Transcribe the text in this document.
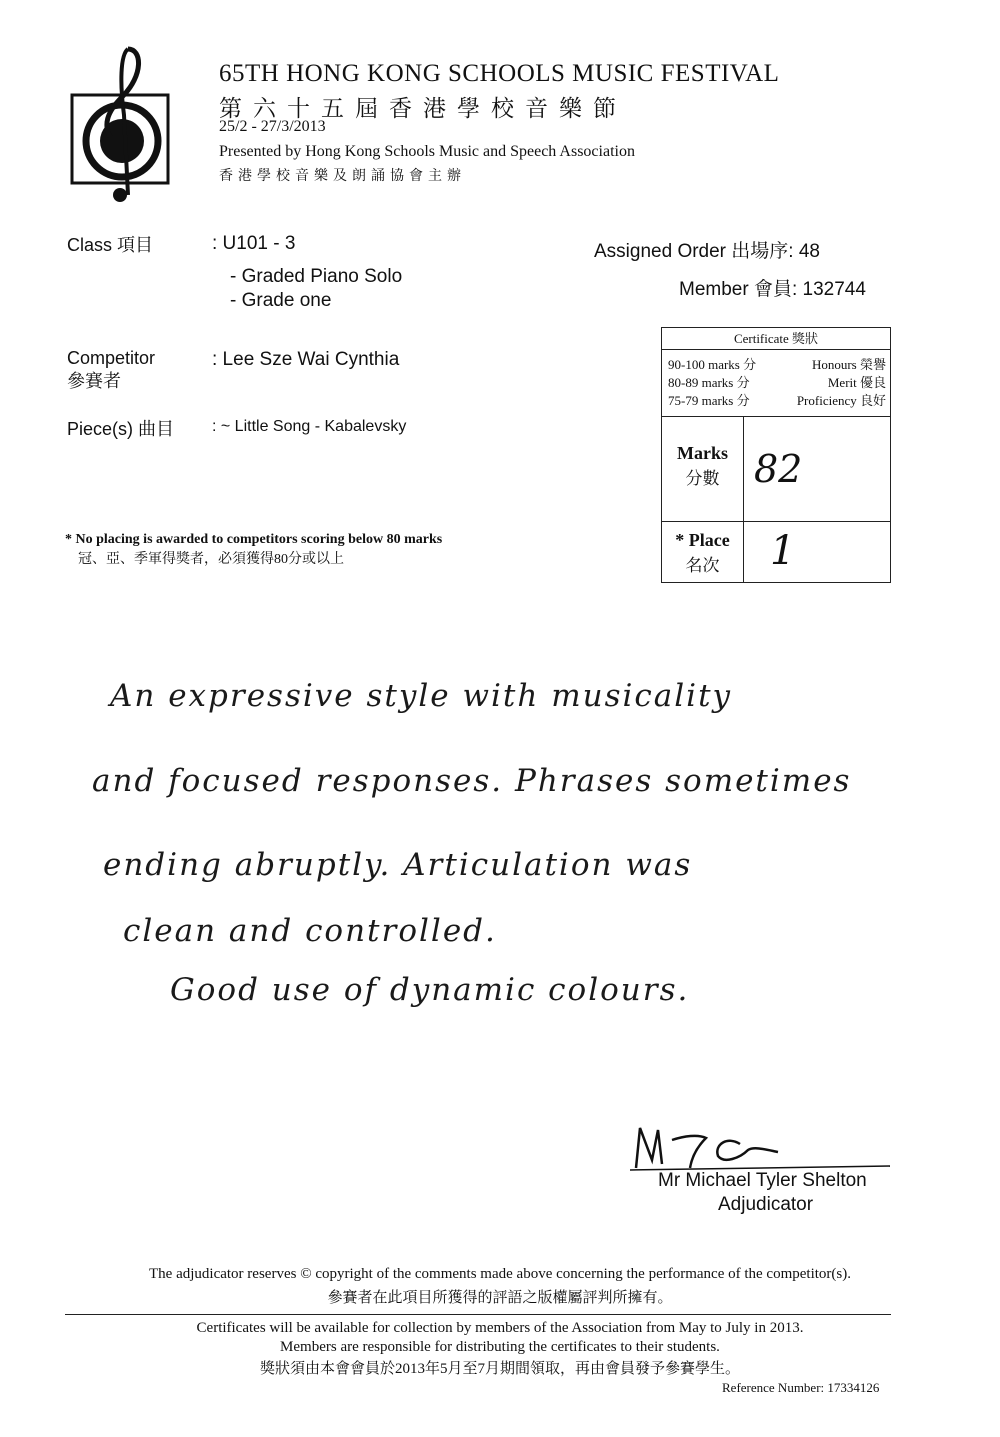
65TH HONG KONG SCHOOLS MUSIC FESTIVAL
第六十五屆香港學校音樂節
25/2 - 27/3/2013
Presented by Hong Kong Schools Music and Speech Association
香港學校音樂及朗誦協會主辦
Class 項目	: U101 - 3
- Graded Piano Solo
- Grade one
Competitor
參賽者
: Lee Sze Wai Cynthia
Piece(s) 曲目 : ~ Little Song - Kabalevsky
Assigned Order 出場序: 48
Member 會員: 132744
* No placing is awarded to competitors scoring below 80 marks
冠、亞、季軍得獎者，必須獲得80分或以上
Certificate 獎狀
90-100 marks 分	Honours 榮譽
80-89 marks 分	Merit 優良
75-79 marks 分	Proficiency 良好
Marks
分數 82
* Place
名次	1
An expressive style with musicality
and focused responses. Phrases sometimes
ending abruptly. Articulation was
clean and controlled.
Good use of dynamic colours.
Mr Michael Tyler Shelton
Adjudicator
The adjudicator reserves © copyright of the comments made above concerning the performance of the competitor(s).
參賽者在此項目所獲得的評語之版權屬評判所擁有。
Certificates will be available for collection by members of the Association from May to July in 2013.
Members are responsible for distributing the certificates to their students.
獎狀須由本會會員於2013年5月至7月期間領取，再由會員發予參賽學生。
Reference Number: 17334126
